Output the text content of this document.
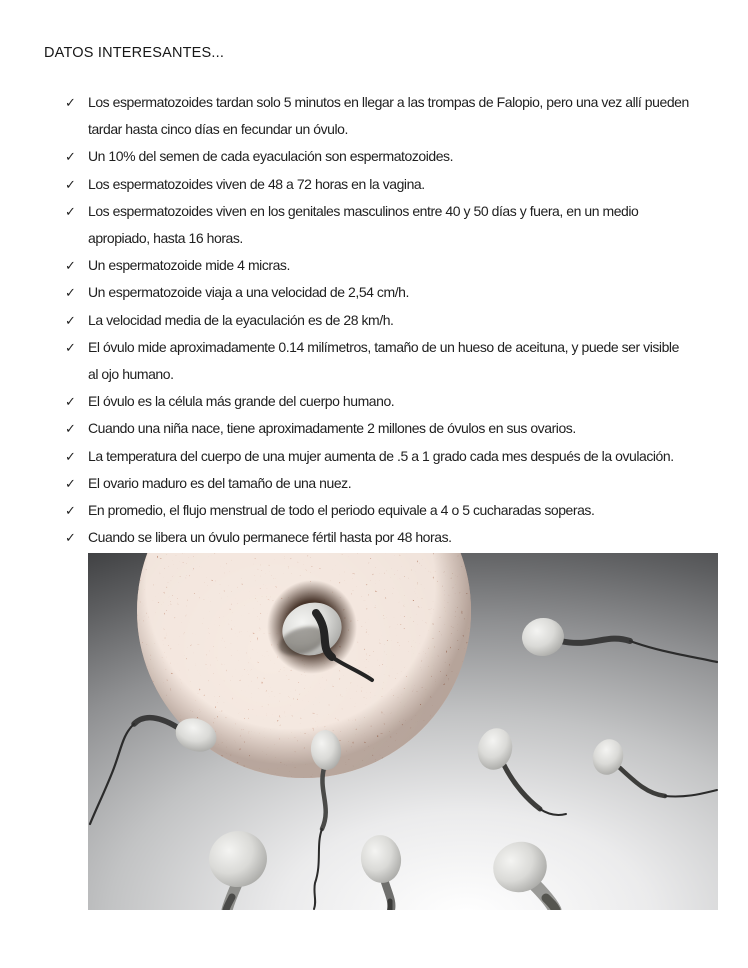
DATOS INTERESANTES...
✓ Los espermatozoides tardan solo 5 minutos en llegar a las trompas de Falopio, pero una vez allí pueden
tardar hasta cinco días en fecundar un óvulo.
✓ Un 10% del semen de cada eyaculación son espermatozoides.
✓ Los espermatozoides viven de 48 a 72 horas en la vagina.
✓ Los espermatozoides viven en los genitales masculinos entre 40 y 50 días y fuera, en un medio
apropiado, hasta 16 horas.
✓ Un espermatozoide mide 4 micras.
✓ Un espermatozoide viaja a una velocidad de 2,54 cm/h.
✓ La velocidad media de la eyaculación es de 28 km/h.
✓ El óvulo mide aproximadamente 0.14 milímetros, tamaño de un hueso de aceituna, y puede ser visible
al ojo humano.
✓ El óvulo es la célula más grande del cuerpo humano.
✓ Cuando una niña nace, tiene aproximadamente 2 millones de óvulos en sus ovarios.
✓ La temperatura del cuerpo de una mujer aumenta de .5 a 1 grado cada mes después de la ovulación.
✓ El ovario maduro es del tamaño de una nuez.
✓ En promedio, el flujo menstrual de todo el periodo equivale a 4 o 5 cucharadas soperas.
✓ Cuando se libera un óvulo permanece fértil hasta por 48 horas.
